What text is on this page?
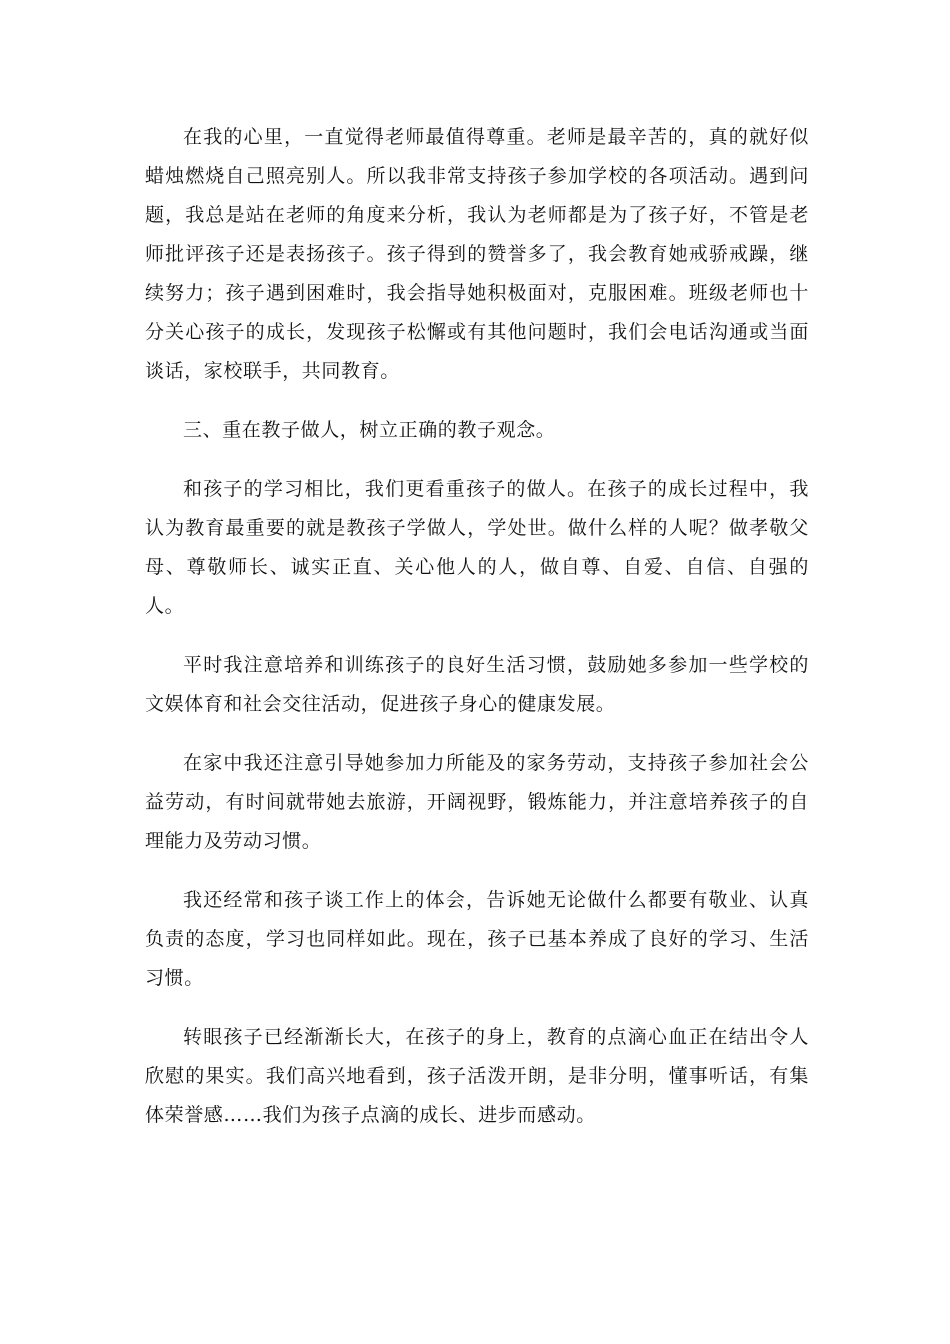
在我的心里，一直觉得老师最值得尊重。老师是最辛苦的，真的就好似蜡烛燃烧自己照亮别人。所以我非常支持孩子参加学校的各项活动。遇到问题，我总是站在老师的角度来分析，我认为老师都是为了孩子好，不管是老师批评孩子还是表扬孩子。孩子得到的赞誉多了，我会教育她戒骄戒躁，继续努力；孩子遇到困难时，我会指导她积极面对，克服困难。班级老师也十分关心孩子的成长，发现孩子松懈或有其他问题时，我们会电话沟通或当面谈话，家校联手，共同教育。

三、重在教子做人，树立正确的教子观念。

和孩子的学习相比，我们更看重孩子的做人。在孩子的成长过程中，我认为教育最重要的就是教孩子学做人，学处世。做什么样的人呢？做孝敬父母、尊敬师长、诚实正直、关心他人的人，做自尊、自爱、自信、自强的人。

平时我注意培养和训练孩子的良好生活习惯，鼓励她多参加一些学校的文娱体育和社会交往活动，促进孩子身心的健康发展。

在家中我还注意引导她参加力所能及的家务劳动，支持孩子参加社会公益劳动，有时间就带她去旅游，开阔视野，锻炼能力，并注意培养孩子的自理能力及劳动习惯。

我还经常和孩子谈工作上的体会，告诉她无论做什么都要有敬业、认真负责的态度，学习也同样如此。现在，孩子已基本养成了良好的学习、生活习惯。

转眼孩子已经渐渐长大，在孩子的身上，教育的点滴心血正在结出令人欣慰的果实。我们高兴地看到，孩子活泼开朗，是非分明，懂事听话，有集体荣誉感……我们为孩子点滴的成长、进步而感动。
